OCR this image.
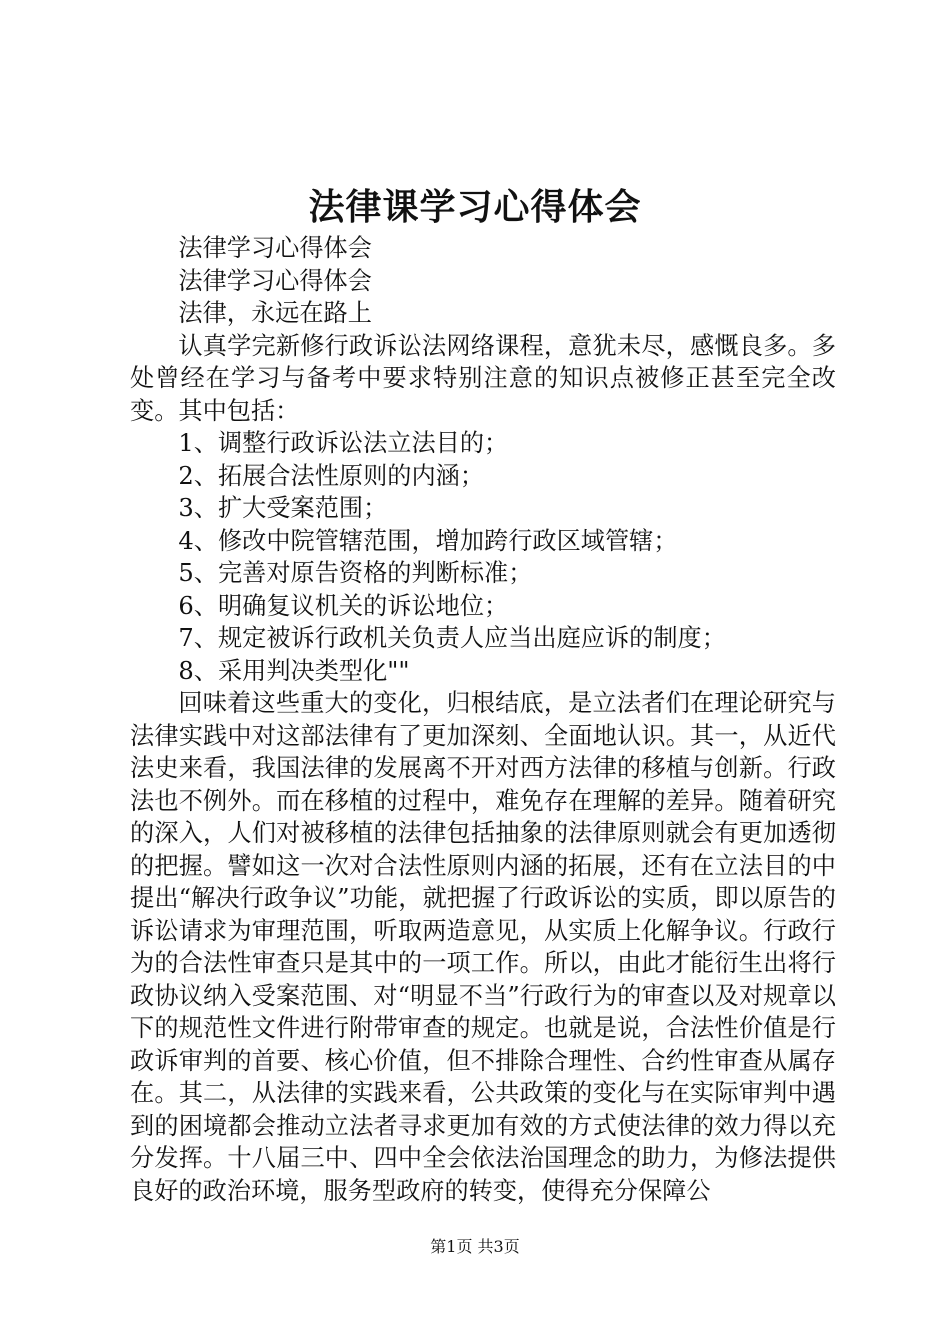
法律课学习心得体会

法律学习心得体会

法律学习心得体会

法律，永远在路上

认真学完新修行政诉讼法网络课程，意犹未尽，感慨良多。多处曾经在学习与备考中要求特别注意的知识点被修正甚至完全改变。其中包括：

1、调整行政诉讼法立法目的；

2、拓展合法性原则的内涵；

3、扩大受案范围；

4、修改中院管辖范围，增加跨行政区域管辖；

5、完善对原告资格的判断标准；

6、明确复议机关的诉讼地位；

7、规定被诉行政机关负责人应当出庭应诉的制度；

8、采用判决类型化""

回味着这些重大的变化，归根结底，是立法者们在理论研究与法律实践中对这部法律有了更加深刻、全面地认识。其一，从近代法史来看，我国法律的发展离不开对西方法律的移植与创新。行政法也不例外。而在移植的过程中，难免存在理解的差异。随着研究的深入，人们对被移植的法律包括抽象的法律原则就会有更加透彻的把握。譬如这一次对合法性原则内涵的拓展，还有在立法目的中提出“解决行政争议”功能，就把握了行政诉讼的实质，即以原告的诉讼请求为审理范围，听取两造意见，从实质上化解争议。行政行为的合法性审查只是其中的一项工作。所以，由此才能衍生出将行政协议纳入受案范围、对“明显不当”行政行为的审查以及对规章以下的规范性文件进行附带审查的规定。也就是说，合法性价值是行政诉审判的首要、核心价值，但不排除合理性、合约性审查从属存在。其二，从法律的实践来看，公共政策的变化与在实际审判中遇到的困境都会推动立法者寻求更加有效的方式使法律的效力得以充分发挥。十八届三中、四中全会依法治国理念的助力，为修法提供良好的政治环境，服务型政府的转变，使得充分保障公

第1页 共3页
